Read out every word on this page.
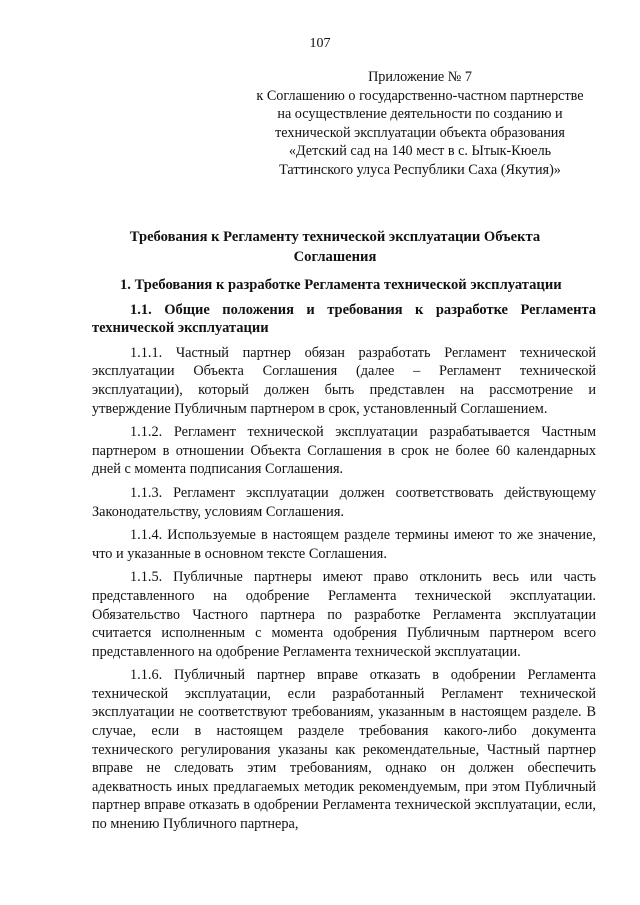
107
Приложение № 7
к Соглашению о государственно-частном партнерстве
на осуществление деятельности по созданию и
технической эксплуатации объекта образования
«Детский сад на 140 мест в с. Ытык-Кюель
Таттинского улуса Республики Саха (Якутия)»
Требования к Регламенту технической эксплуатации Объекта
Соглашения

1. Требования к разработке Регламента технической эксплуатации

1.1. Общие положения и требования к разработке Регламента технической эксплуатации

1.1.1. Частный партнер обязан разработать Регламент технической эксплуатации Объекта Соглашения (далее – Регламент технической эксплуатации), который должен быть представлен на рассмотрение и утверждение Публичным партнером в срок, установленный Соглашением.

1.1.2. Регламент технической эксплуатации разрабатывается Частным партнером в отношении Объекта Соглашения в срок не более 60 календарных дней с момента подписания Соглашения.

1.1.3. Регламент эксплуатации должен соответствовать действующему Законодательству, условиям Соглашения.

1.1.4. Используемые в настоящем разделе термины имеют то же значение, что и указанные в основном тексте Соглашения.

1.1.5. Публичные партнеры имеют право отклонить весь или часть представленного на одобрение Регламента технической эксплуатации. Обязательство Частного партнера по разработке Регламента эксплуатации считается исполненным с момента одобрения Публичным партнером всего представленного на одобрение Регламента технической эксплуатации.

1.1.6. Публичный партнер вправе отказать в одобрении Регламента технической эксплуатации, если разработанный Регламент технической эксплуатации не соответствуют требованиям, указанным в настоящем разделе. В случае, если в настоящем разделе требования какого-либо документа технического регулирования указаны как рекомендательные, Частный партнер вправе не следовать этим требованиям, однако он должен обеспечить адекватность иных предлагаемых методик рекомендуемым, при этом Публичный партнер вправе отказать в одобрении Регламента технической эксплуатации, если, по мнению Публичного партнера,
